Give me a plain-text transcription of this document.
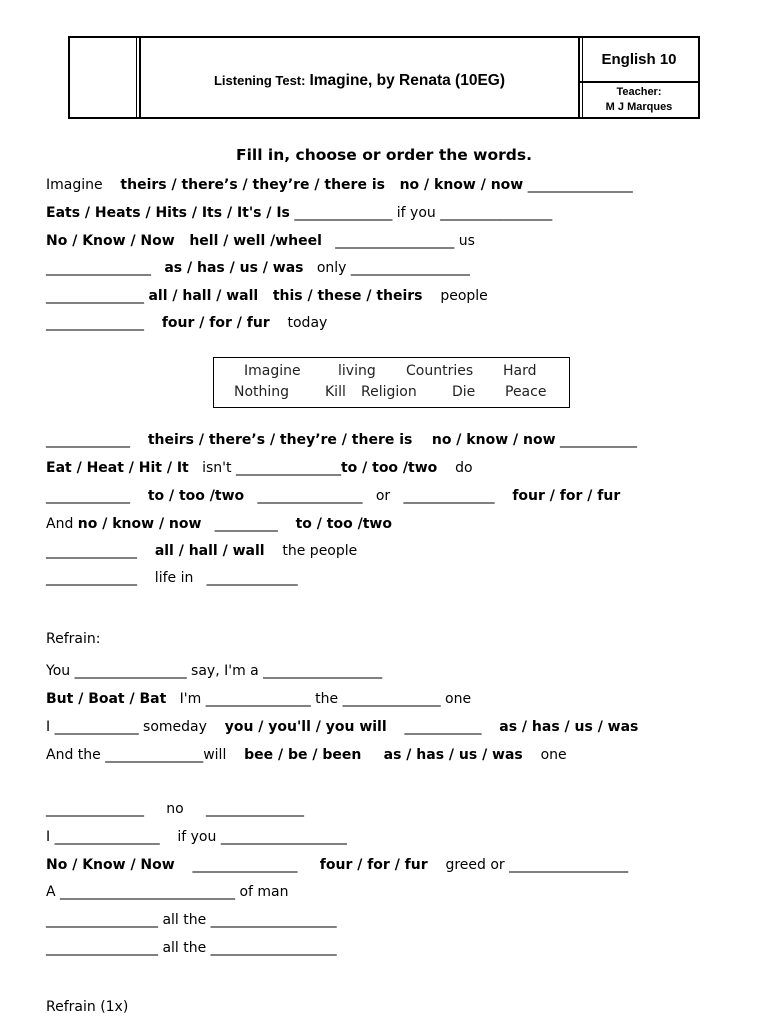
Listening Test: Imagine, by Renata (10EG)
English 10
Teacher:
M J Marques
Fill in, choose or order the words.
Imagine    theirs / there’s / they’re / there is   no / know / now _______________
Eats / Heats / Hits / Its / It's / Is ______________ if you ________________
No / Know / Now   hell / well /wheel   _________________ us
_______________   as / has / us / was   only _________________
______________ all / hall / wall   this / these / theirs    people
______________    four / for / fur    today
____________    theirs / there’s / they’re / there is    no / know / now ___________
Eat / Heat / Hit / It   isn't _______________to / too /two    do
____________    to / too /two   _______________   or   _____________    four / for / fur
And no / know / now   _________    to / too /two
_____________    all / hall / wall    the people
_____________    life in   _____________
Refrain:
You ________________ say, I'm a _________________
But / Boat / Bat   I'm _______________ the ______________ one
I ____________ someday    you / you'll / you will    ___________    as / has / us / was
And the ______________will    bee / be / been as / has / us / was    one
______________     no     ______________
I _______________    if you __________________
No / Know / Now    _______________     four / for / fur    greed or _________________
A _________________________ of man
________________ all the __________________
________________ all the __________________
Refrain (1x)
Imagine	living Countries Hard
Nothing	Kill Religion	Die Peace
